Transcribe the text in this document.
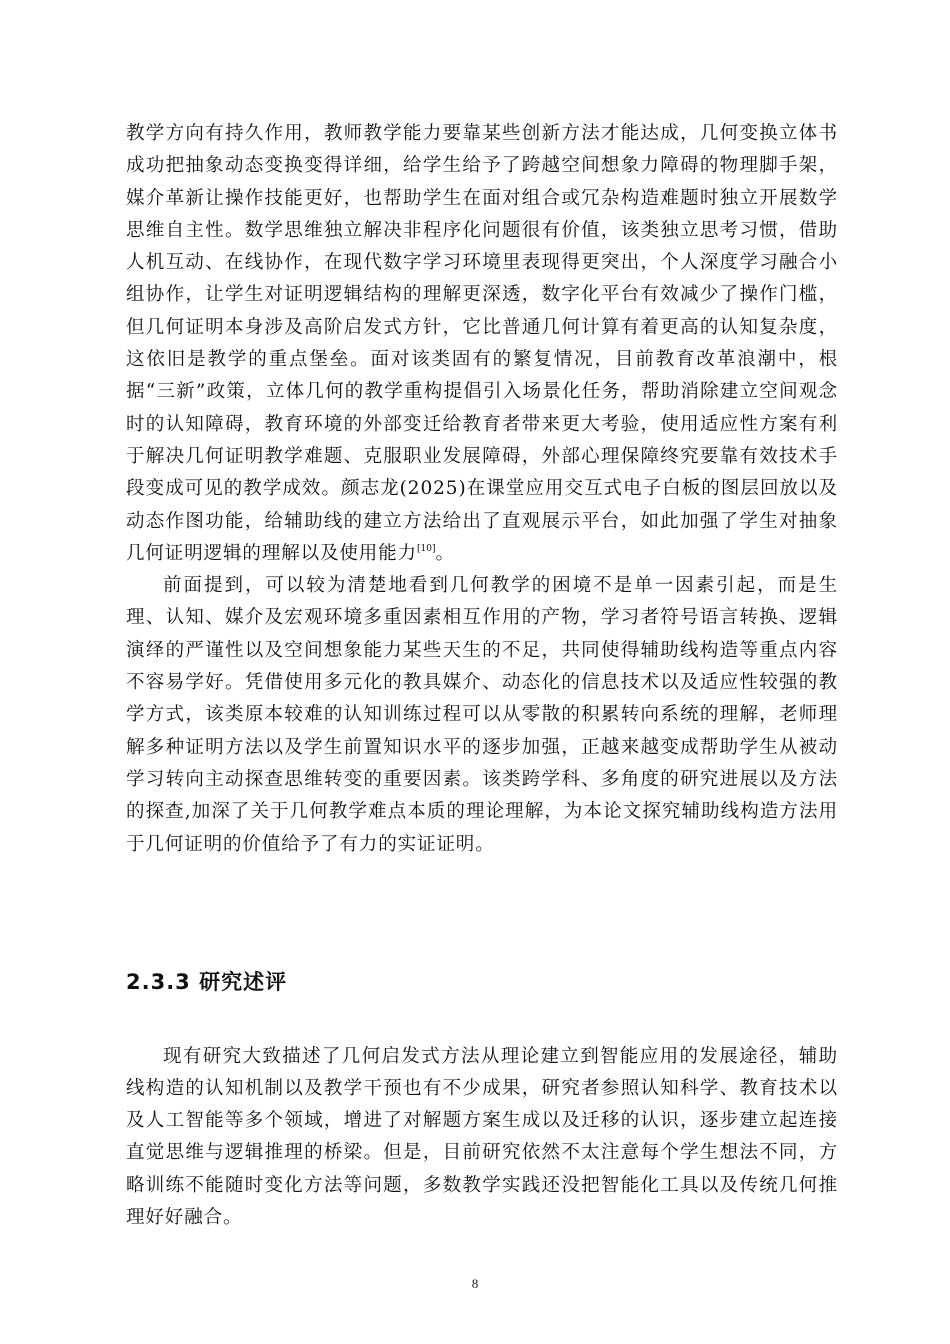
教学方向有持久作用，教师教学能力要靠某些创新方法才能达成，几何变换立体书成功把抽象动态变换变得详细，给学生给予了跨越空间想象力障碍的物理脚手架，媒介革新让操作技能更好，也帮助学生在面对组合或冗杂构造难题时独立开展数学思维自主性。数学思维独立解决非程序化问题很有价值，该类独立思考习惯，借助人机互动、在线协作，在现代数字学习环境里表现得更突出，个人深度学习融合小组协作，让学生对证明逻辑结构的理解更深透，数字化平台有效减少了操作门槛，但几何证明本身涉及高阶启发式方针，它比普通几何计算有着更高的认知复杂度，这依旧是教学的重点堡垒。面对该类固有的繁复情况，目前教育改革浪潮中，根据“三新”政策，立体几何的教学重构提倡引入场景化任务，帮助消除建立空间观念时的认知障碍，教育环境的外部变迁给教育者带来更大考验，使用适应性方案有利于解决几何证明教学难题、克服职业发展障碍，外部心理保障终究要靠有效技术手段变成可见的教学成效。颜志龙(2025)在课堂应用交互式电子白板的图层回放以及动态作图功能，给辅助线的建立方法给出了直观展示平台，如此加强了学生对抽象几何证明逻辑的理解以及使用能力[10]。

前面提到，可以较为清楚地看到几何教学的困境不是单一因素引起，而是生理、认知、媒介及宏观环境多重因素相互作用的产物，学习者符号语言转换、逻辑演绎的严谨性以及空间想象能力某些天生的不足，共同使得辅助线构造等重点内容不容易学好。凭借使用多元化的教具媒介、动态化的信息技术以及适应性较强的教学方式，该类原本较难的认知训练过程可以从零散的积累转向系统的理解，老师理解多种证明方法以及学生前置知识水平的逐步加强，正越来越变成帮助学生从被动学习转向主动探查思维转变的重要因素。该类跨学科、多角度的研究进展以及方法的探查,加深了关于几何教学难点本质的理论理解，为本论文探究辅助线构造方法用于几何证明的价值给予了有力的实证证明。

2.3.3 研究述评

现有研究大致描述了几何启发式方法从理论建立到智能应用的发展途径，辅助线构造的认知机制以及教学干预也有不少成果，研究者参照认知科学、教育技术以及人工智能等多个领域，增进了对解题方案生成以及迁移的认识，逐步建立起连接直觉思维与逻辑推理的桥梁。但是，目前研究依然不太注意每个学生想法不同，方略训练不能随时变化方法等问题，多数教学实践还没把智能化工具以及传统几何推理好好融合。

8
